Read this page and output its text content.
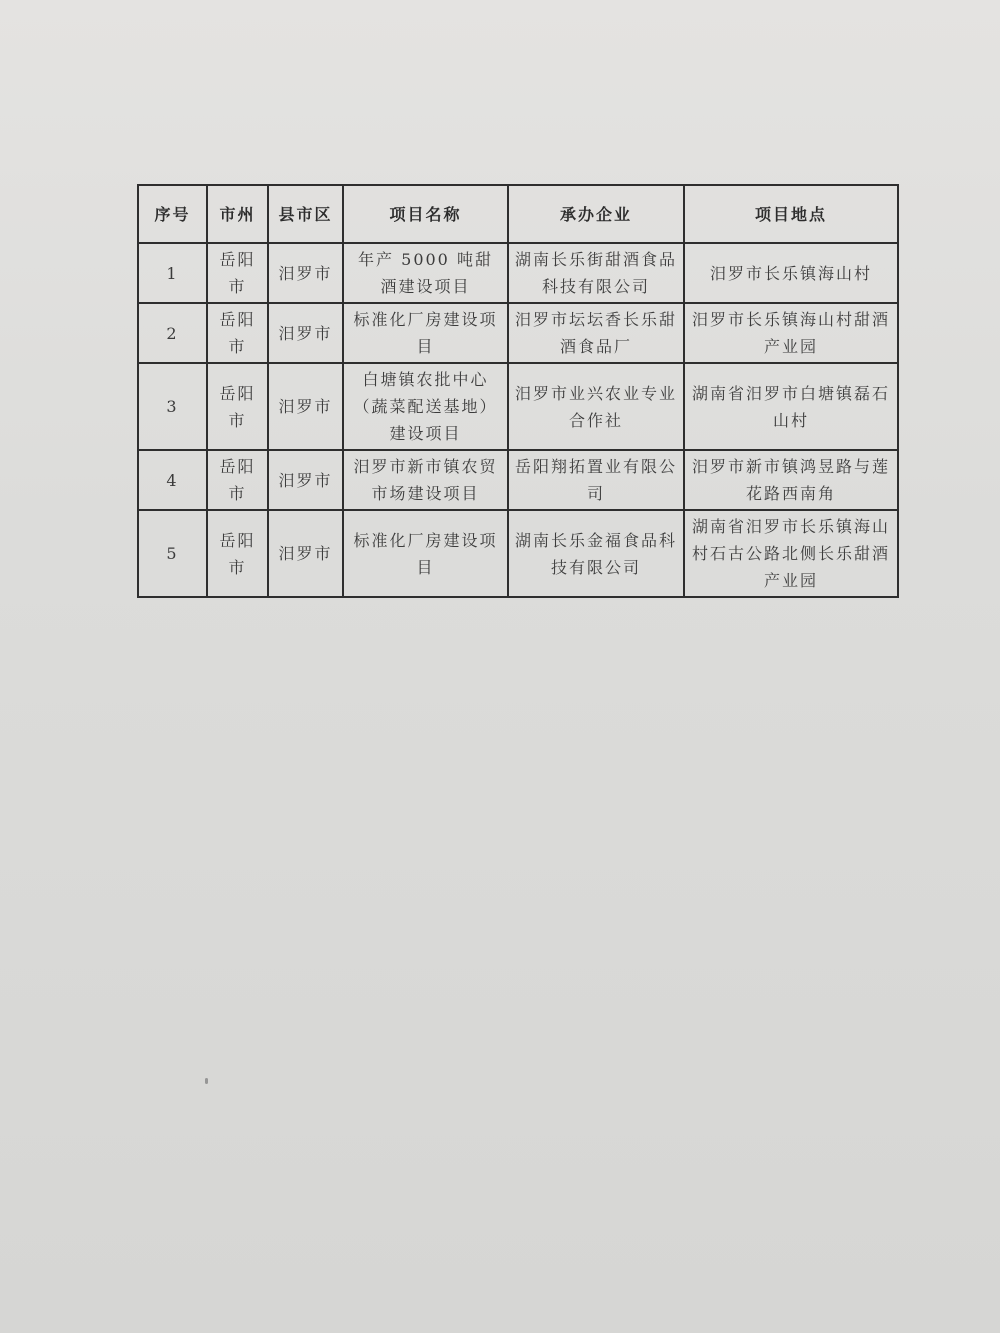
序号	市州	县市区	项目名称	承办企业	项目地点
1	岳阳市	汨罗市	年产 5000 吨甜酒建设项目	湖南长乐街甜酒食品科技有限公司	汨罗市长乐镇海山村
2	岳阳市	汨罗市	标准化厂房建设项目	汨罗市坛坛香长乐甜酒食品厂	汨罗市长乐镇海山村甜酒产业园
3	岳阳市	汨罗市	白塘镇农批中心（蔬菜配送基地）建设项目	汨罗市业兴农业专业合作社	湖南省汨罗市白塘镇磊石山村
4	岳阳市	汨罗市	汨罗市新市镇农贸市场建设项目	岳阳翔拓置业有限公司	汨罗市新市镇鸿昱路与莲花路西南角
5	岳阳市	汨罗市	标准化厂房建设项目	湖南长乐金福食品科技有限公司	湖南省汨罗市长乐镇海山村石古公路北侧长乐甜酒产业园
